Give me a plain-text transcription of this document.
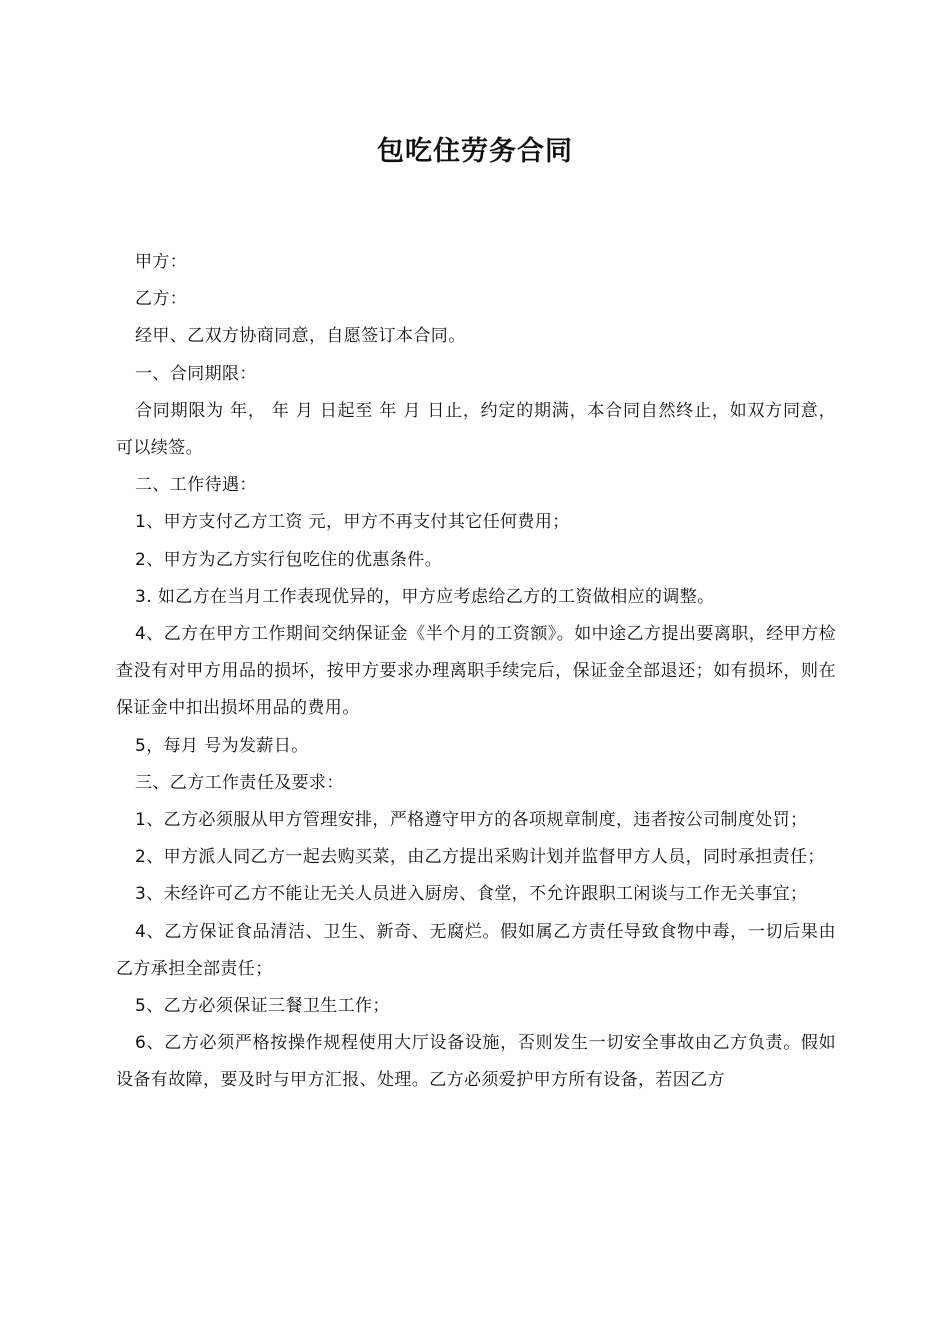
包吃住劳务合同

甲方：

乙方：

经甲、乙双方协商同意，自愿签订本合同。

一、合同期限：

合同期限为 年， 年 月 日起至 年 月 日止，约定的期满，本合同自然终止，如双方同意，可以续签。

二、工作待遇：

1、甲方支付乙方工资 元，甲方不再支付其它任何费用；

2、甲方为乙方实行包吃住的优惠条件。

3. 如乙方在当月工作表现优异的，甲方应考虑给乙方的工资做相应的调整。

4、乙方在甲方工作期间交纳保证金《半个月的工资额》。如中途乙方提出要离职，经甲方检查没有对甲方用品的损坏，按甲方要求办理离职手续完后，保证金全部退还；如有损坏，则在保证金中扣出损坏用品的费用。

5，每月 号为发薪日。

三、乙方工作责任及要求：

1、乙方必须服从甲方管理安排，严格遵守甲方的各项规章制度，违者按公司制度处罚；

2、甲方派人同乙方一起去购买菜，由乙方提出采购计划并监督甲方人员，同时承担责任；

3、未经许可乙方不能让无关人员进入厨房、食堂，不允许跟职工闲谈与工作无关事宜；

4、乙方保证食品清洁、卫生、新奇、无腐烂。假如属乙方责任导致食物中毒，一切后果由乙方承担全部责任；

5、乙方必须保证三餐卫生工作；

6、乙方必须严格按操作规程使用大厅设备设施，否则发生一切安全事故由乙方负责。假如设备有故障，要及时与甲方汇报、处理。乙方必须爱护甲方所有设备，若因乙方
